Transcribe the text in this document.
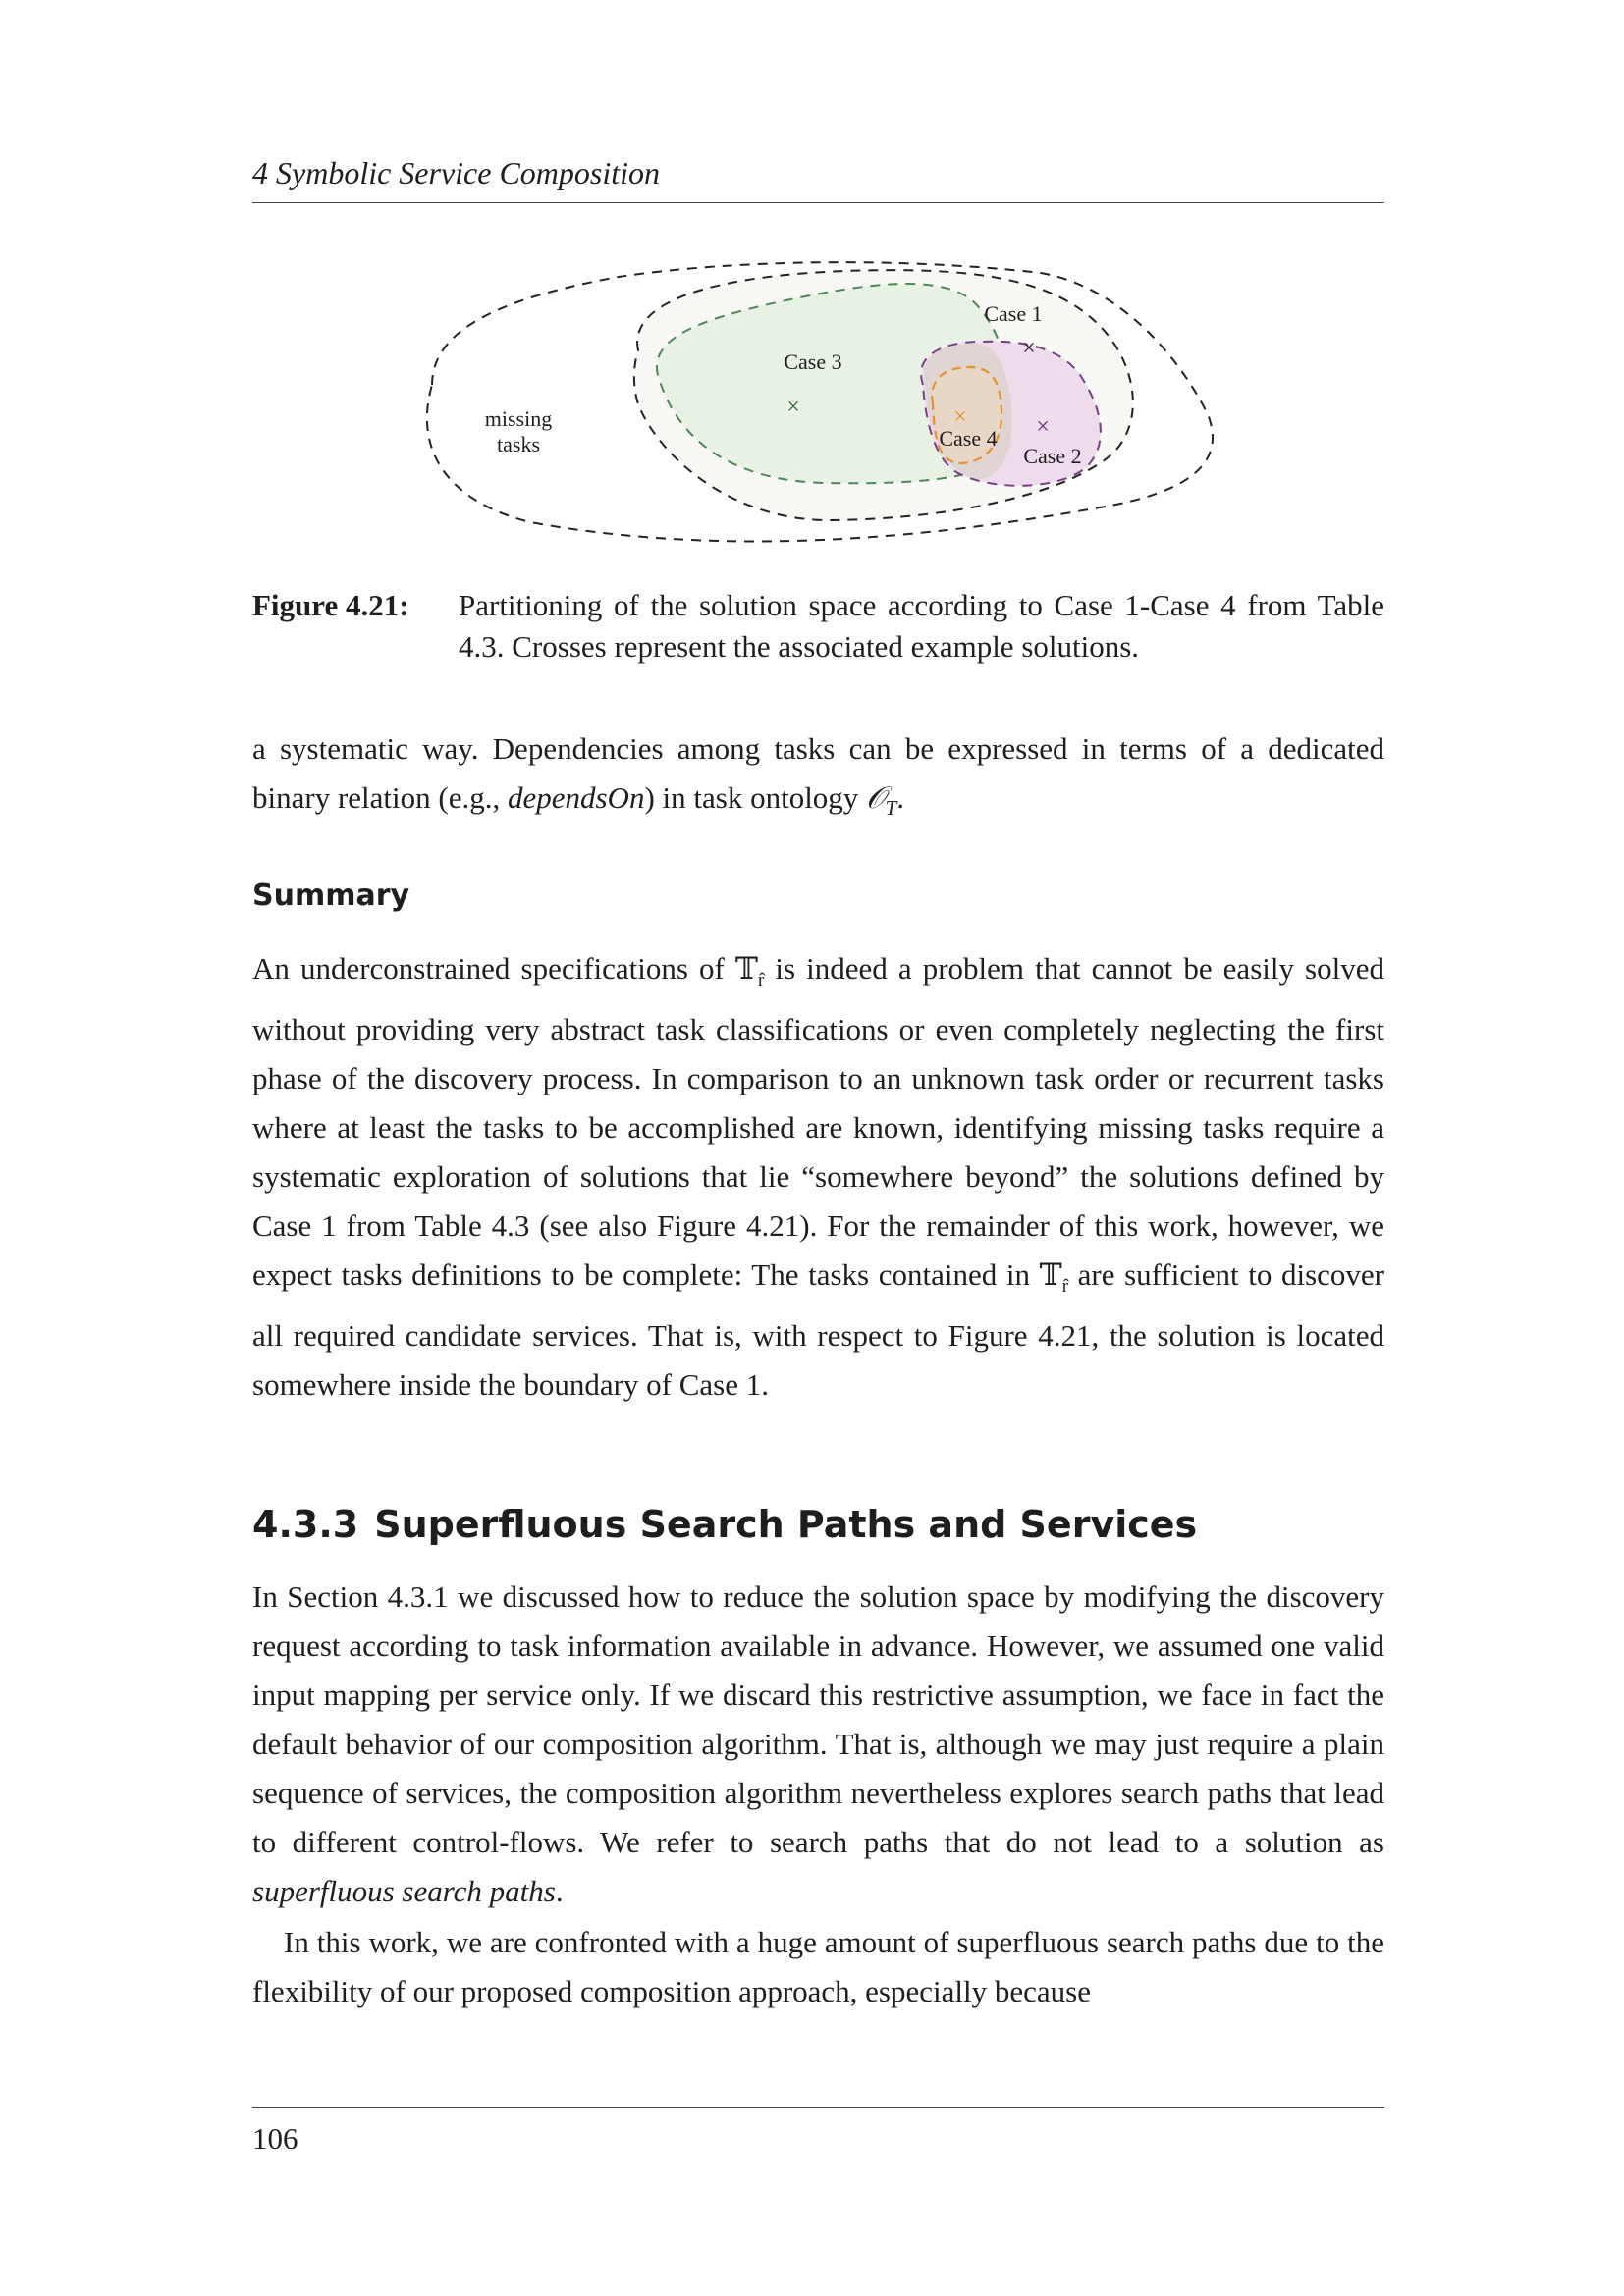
4 Symbolic Service Composition
missing
tasks
Case 1
Case 3
Case 4
Case 2
×
×	×	×
Figure 4.21: Partitioning of the solution space according to Case 1-Case 4 from Table 4.3. Crosses represent the associated example solutions.
a systematic way. Dependencies among tasks can be expressed in terms of a dedicated binary relation (e.g., dependsOn) in task ontology 𝒪$_T$.
Summary
An underconstrained specifications of 𝕋$_{r̂}$ is indeed a problem that cannot be easily solved without providing very abstract task classifications or even completely neglecting the first phase of the discovery process. In comparison to an unknown task order or recurrent tasks where at least the tasks to be accomplished are known, identifying missing tasks require a systematic exploration of solutions that lie “somewhere beyond” the solutions defined by Case 1 from Table 4.3 (see also Figure 4.21). For the remainder of this work, however, we expect tasks definitions to be complete: The tasks contained in 𝕋$_{r̂}$ are sufficient to discover all required candidate services. That is, with respect to Figure 4.21, the solution is located somewhere inside the boundary of Case 1.
4.3.3 Superfluous Search Paths and Services
In Section 4.3.1 we discussed how to reduce the solution space by modifying the discovery request according to task information available in advance. However, we assumed one valid input mapping per service only. If we discard this restrictive assumption, we face in fact the default behavior of our composition algorithm. That is, although we may just require a plain sequence of services, the composition algorithm nevertheless explores search paths that lead to different control-flows. We refer to search paths that do not lead to a solution as superfluous search paths.
In this work, we are confronted with a huge amount of superfluous search paths due to the flexibility of our proposed composition approach, especially because
106
